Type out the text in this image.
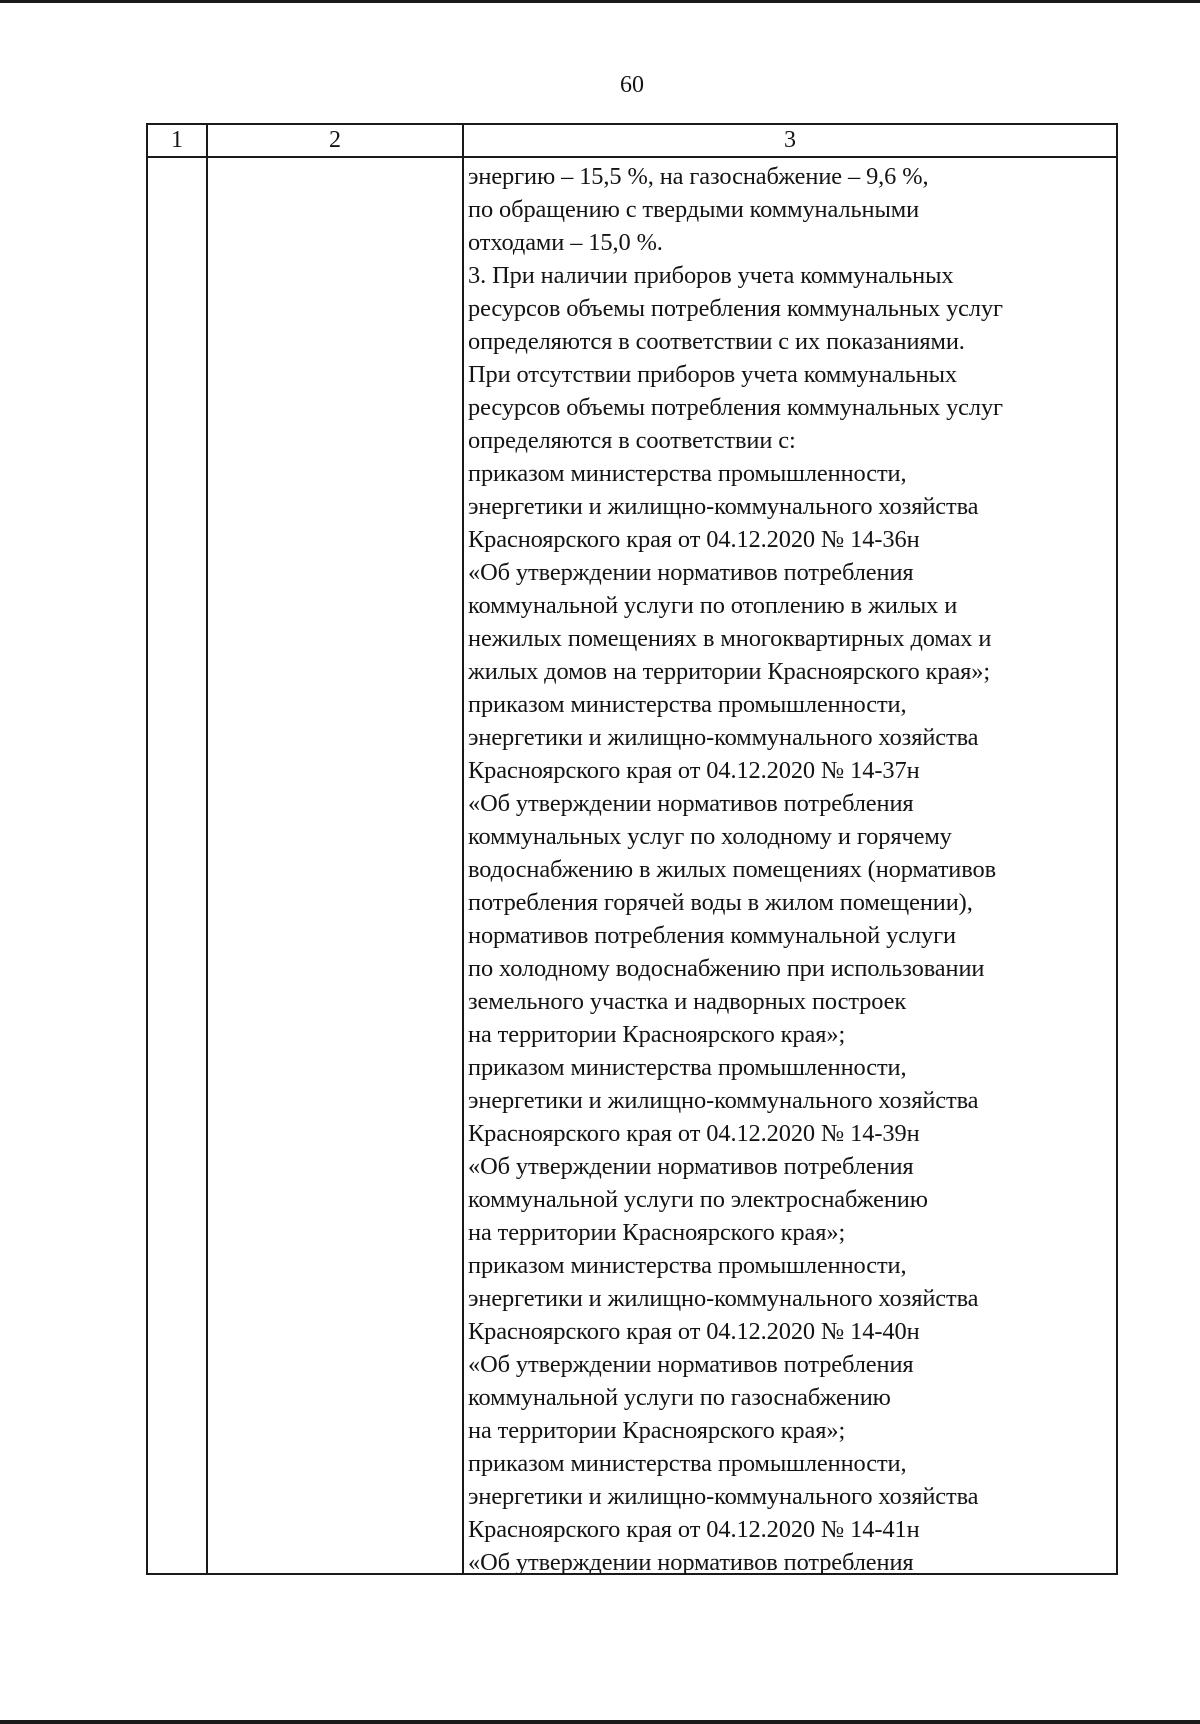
60
1	2	3
энергию – 15,5 %, на газоснабжение – 9,6 %,
по обращению с твердыми коммунальными
отходами – 15,0 %.
3. При наличии приборов учета коммунальных
ресурсов объемы потребления коммунальных услуг
определяются в соответствии с их показаниями.
При отсутствии приборов учета коммунальных
ресурсов объемы потребления коммунальных услуг
определяются в соответствии с:
приказом министерства промышленности,
энергетики и жилищно-коммунального хозяйства
Красноярского края от 04.12.2020 № 14-36н
«Об утверждении нормативов потребления
коммунальной услуги по отоплению в жилых и
нежилых помещениях в многоквартирных домах и
жилых домов на территории Красноярского края»;
приказом министерства промышленности,
энергетики и жилищно-коммунального хозяйства
Красноярского края от 04.12.2020 № 14-37н
«Об утверждении нормативов потребления
коммунальных услуг по холодному и горячему
водоснабжению в жилых помещениях (нормативов
потребления горячей воды в жилом помещении),
нормативов потребления коммунальной услуги
по холодному водоснабжению при использовании
земельного участка и надворных построек
на территории Красноярского края»;
приказом министерства промышленности,
энергетики и жилищно-коммунального хозяйства
Красноярского края от 04.12.2020 № 14-39н
«Об утверждении нормативов потребления
коммунальной услуги по электроснабжению
на территории Красноярского края»;
приказом министерства промышленности,
энергетики и жилищно-коммунального хозяйства
Красноярского края от 04.12.2020 № 14-40н
«Об утверждении нормативов потребления
коммунальной услуги по газоснабжению
на территории Красноярского края»;
приказом министерства промышленности,
энергетики и жилищно-коммунального хозяйства
Красноярского края от 04.12.2020 № 14-41н
«Об утверждении нормативов потребления
